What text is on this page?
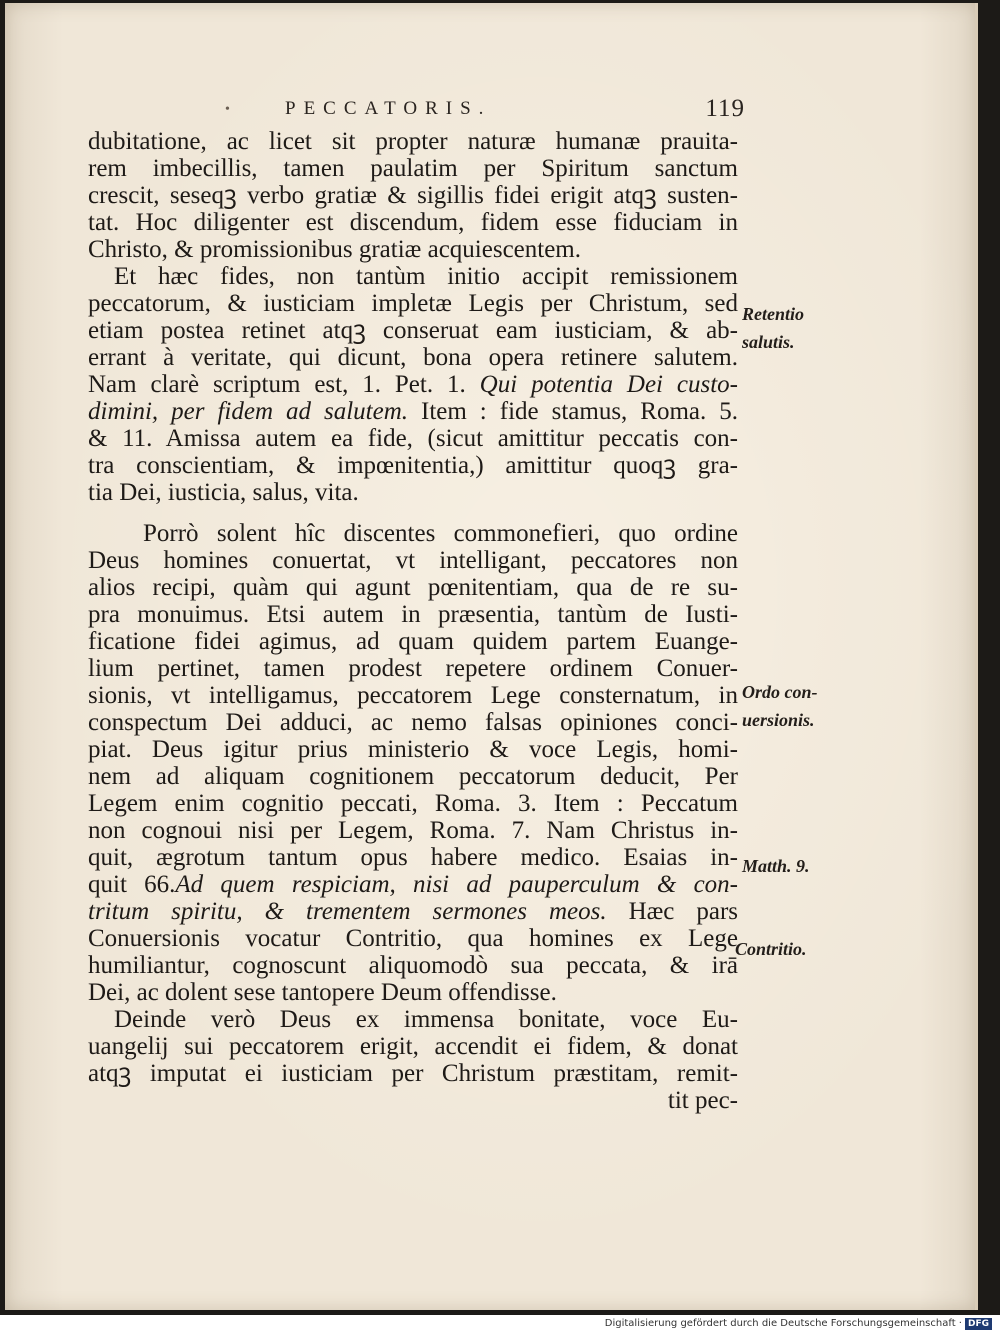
•	PECCATORIS.	119
dubitatione, ac licet sit propter naturæ humanæ prauita-
rem imbecillis, tamen paulatim per Spiritum sanctum
crescit, seseqꝫ verbo gratiæ & sigillis fidei erigit atqꝫ susten-
tat. Hoc diligenter est discendum, fidem esse fiduciam in
Christo, & promissionibus gratiæ acquiescentem.
Et hæc fides, non tantùm initio accipit remissionem
peccatorum, & iusticiam impletæ Legis per Christum, sed
etiam postea retinet atqꝫ conseruat eam iusticiam, & ab-
errant à veritate, qui dicunt, bona opera retinere salutem.
Nam clarè scriptum est, 1. Pet. 1. Qui potentia Dei custo-
dimini, per fidem ad salutem. Item : fide stamus, Roma. 5.
& 11. Amissa autem ea fide, (sicut amittitur peccatis con-
tra conscientiam, & impœnitentia,) amittitur quoqꝫ gra-
tia Dei, iusticia, salus, vita.
Porrò solent hîc discentes commonefieri, quo ordine
Deus homines conuertat, vt intelligant, peccatores non
alios recipi, quàm qui agunt pœnitentiam, qua de re su-
pra monuimus. Etsi autem in præsentia, tantùm de Iusti-
ficatione fidei agimus, ad quam quidem partem Euange-
lium pertinet, tamen prodest repetere ordinem Conuer-
sionis, vt intelligamus, peccatorem Lege consternatum, in
conspectum Dei adduci, ac nemo falsas opiniones conci-
piat. Deus igitur prius ministerio & voce Legis, homi-
nem ad aliquam cognitionem peccatorum deducit, Per
Legem enim cognitio peccati, Roma. 3. Item : Peccatum
non cognoui nisi per Legem, Roma. 7. Nam Christus in-
quit, ægrotum tantum opus habere medico. Esaias in-
quit 66.Ad quem respiciam, nisi ad pauperculum & con-
tritum spiritu, & trementem sermones meos. Hæc pars
Conuersionis vocatur Contritio, qua homines ex Lege
humiliantur, cognoscunt aliquomodò sua peccata, & irā
Dei, ac dolent sese tantopere Deum offendisse.
Deinde verò Deus ex immensa bonitate, voce Eu-
uangelij sui peccatorem erigit, accendit ei fidem, & donat
atqꝫ imputat ei iusticiam per Christum præstitam, remit-
tit pec-
Retentio
salutis.
Ordo con-
uersionis.
Matth. 9.
Contritio.
Digitalisierung gefördert durch die Deutsche Forschungsgemeinschaft · DFG
